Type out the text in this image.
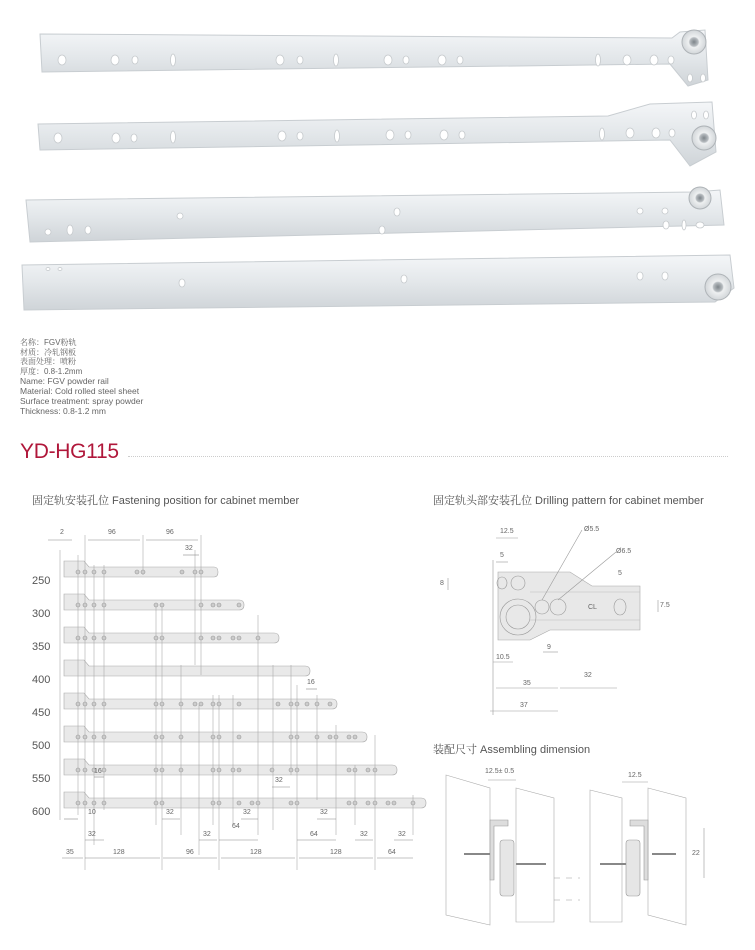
名称：FGV粉轨
材质：冷轧钢板
表面处理：喷粉
厚度：0.8-1.2mm
Name: FGV powder rail
Material: Cold rolled steel sheet
Surface treatment: spray powder
Thickness: 0.8-1.2 mm
YD-HG115
固定轨安装孔位 Fastening position for cabinet member	固定轨头部安装孔位 Drilling pattern for cabinet member
装配尺寸 Assembling dimension
250
300
350
400
450
500
550
600
2	96	96
32
16
16
32
10	32	32	32
64
32	32	64	32	32
35	128	96	128	128	64
12.5
5
Ø5.5
Ø6.5
5
8
7.5
CL
9
10.5
35
32
37
12.5± 0.5
12.5
22
